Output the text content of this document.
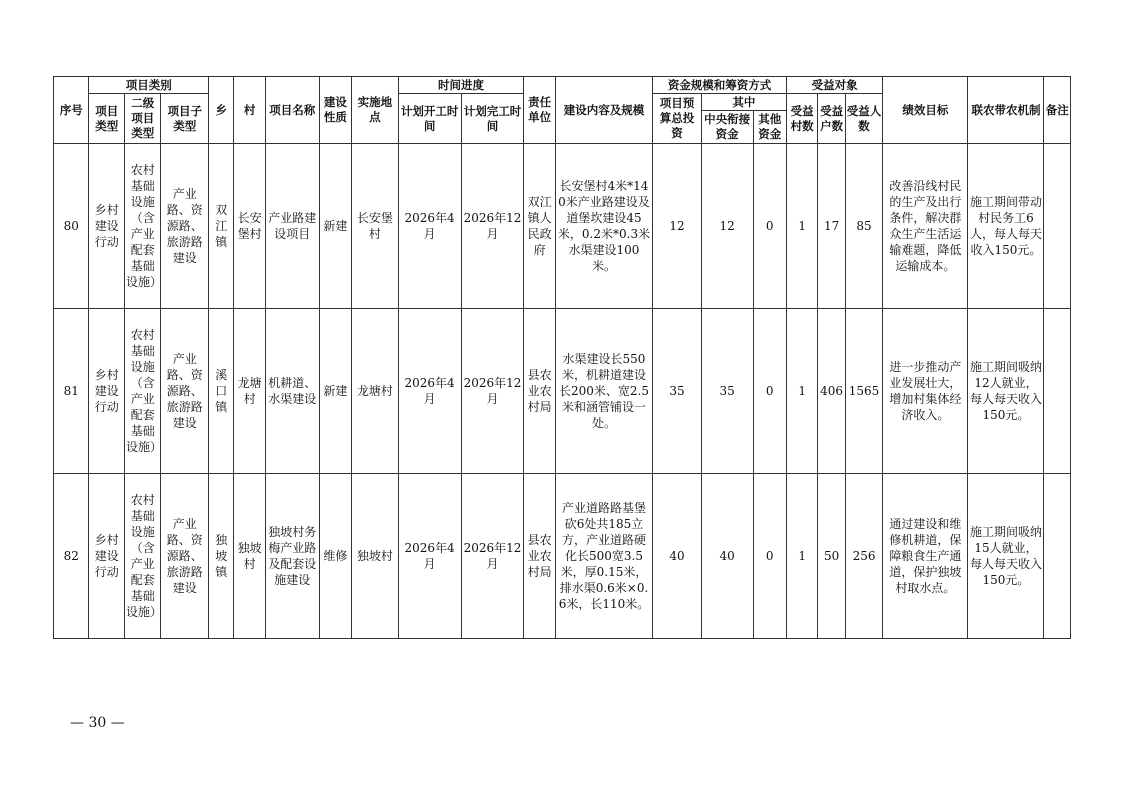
序号	项目类别			乡	村	项目名称	建设性质	实施地点	时间进度		责任单位	建设内容及规模	资金规模和筹资方式			受益对象			绩效目标	联农带农机制	备注
	项目类型	二级项目类型	项目子类型						计划开工时间	计划完工时间			项目预算总投资	其中		受益村数	受益户数	受益人数			
														中央衔接资金	其他资金						
80	乡村建设行动	农村基础设施（含产业配套基础设施）	产业路、资源路、旅游路建设	双江镇	长安堡村	产业路建设项目	新建	长安堡村	2026年4月	2026年12月	双江镇人民政府	长安堡村4米*140米产业路建设及道堡坎建设45米，0.2米*0.3米水渠建设100米。	12	12	0	1	17	85	改善沿线村民的生产及出行条件，解决群众生产生活运输难题，降低运输成本。	施工期间带动村民务工6人，每人每天收入150元。	
81	乡村建设行动	农村基础设施（含产业配套基础设施）	产业路、资源路、旅游路建设	溪口镇	龙塘村	机耕道、水渠建设	新建	龙塘村	2026年4月	2026年12月	县农业农村局	水渠建设长550米，机耕道建设长200米、宽2.5米和涵管铺设一处。	35	35	0	1	406	1565	进一步推动产业发展壮大，增加村集体经济收入。	施工期间吸纳12人就业，每人每天收入150元。	
82	乡村建设行动	农村基础设施（含产业配套基础设施）	产业路、资源路、旅游路建设	独坡镇	独坡村	独坡村务梅产业路及配套设施建设	维修	独坡村	2026年4月	2026年12月	县农业农村局	产业道路路基堡砍6处共185立方，产业道路硬化长500宽3.5米，厚0.15米，排水渠0.6米×0.6米，长110米。	40	40	0	1	50	256	通过建设和维修机耕道，保障粮食生产通道，保护独坡村取水点。	施工期间吸纳15人就业，每人每天收入150元。	
— 30 —
